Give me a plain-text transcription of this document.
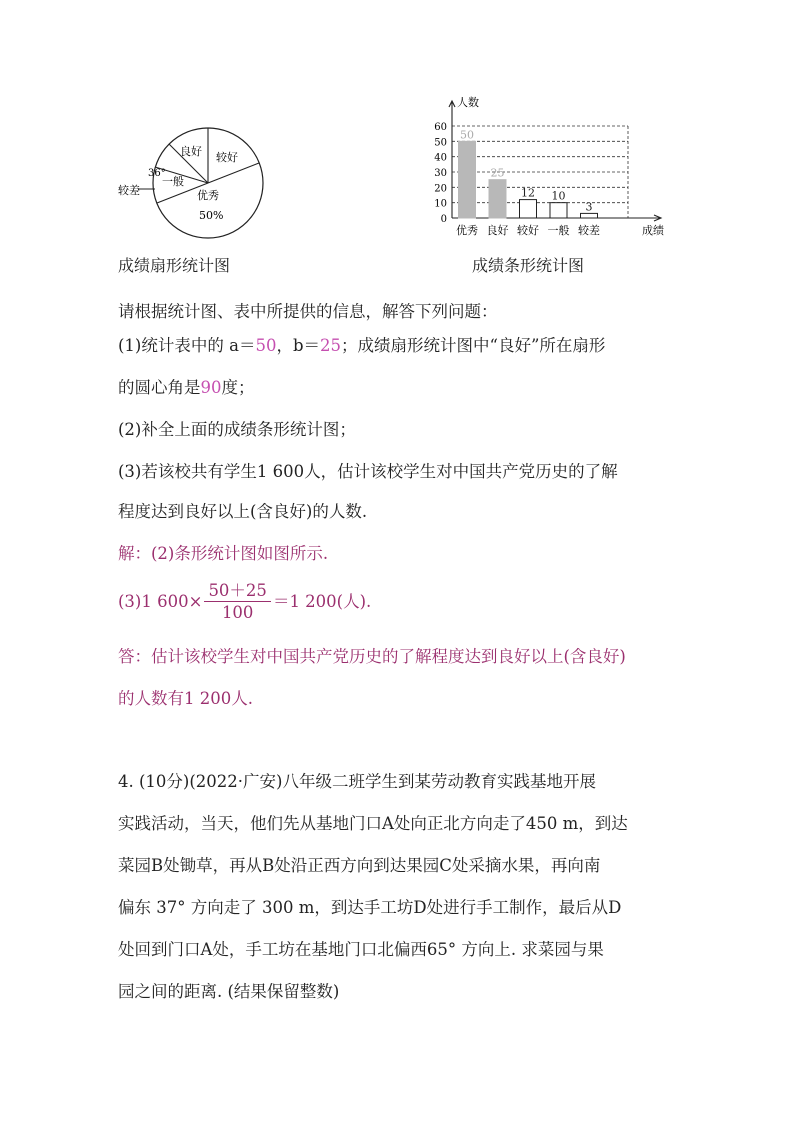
良好 较好
36°
一般
较差	优秀
50%
成绩扇形统计图
0
10
20
30
40
50
60
人数
成绩
50
优秀
25
良好
12
较好
10
一般
3
较差
成绩条形统计图
请根据统计图、表中所提供的信息，解答下列问题：
(1)统计表中的 a＝50，b＝25；成绩扇形统计图中“良好”所在扇形
的圆心角是90度；
(2)补全上面的成绩条形统计图；
(3)若该校共有学生1 600人，估计该校学生对中国共产党历史的了解
程度达到良好以上(含良好)的人数.
解：(2)条形统计图如图所示.
(3)1 $600\times \frac{50+25}{100} =1$ 200(人).
答：估计该校学生对中国共产党历史的了解程度达到良好以上(含良好)
的人数有1 200人.
4. (10分)(2022·广安)八年级二班学生到某劳动教育实践基地开展
实践活动，当天，他们先从基地门口A处向正北方向走了450 m，到达
菜园B处锄草，再从B处沿正西方向到达果园C处采摘水果，再向南
偏东 37° 方向走了 300 m，到达手工坊D处进行手工制作，最后从D
处回到门口A处，手工坊在基地门口北偏西65° 方向上. 求菜园与果
园之间的距离. (结果保留整数)
